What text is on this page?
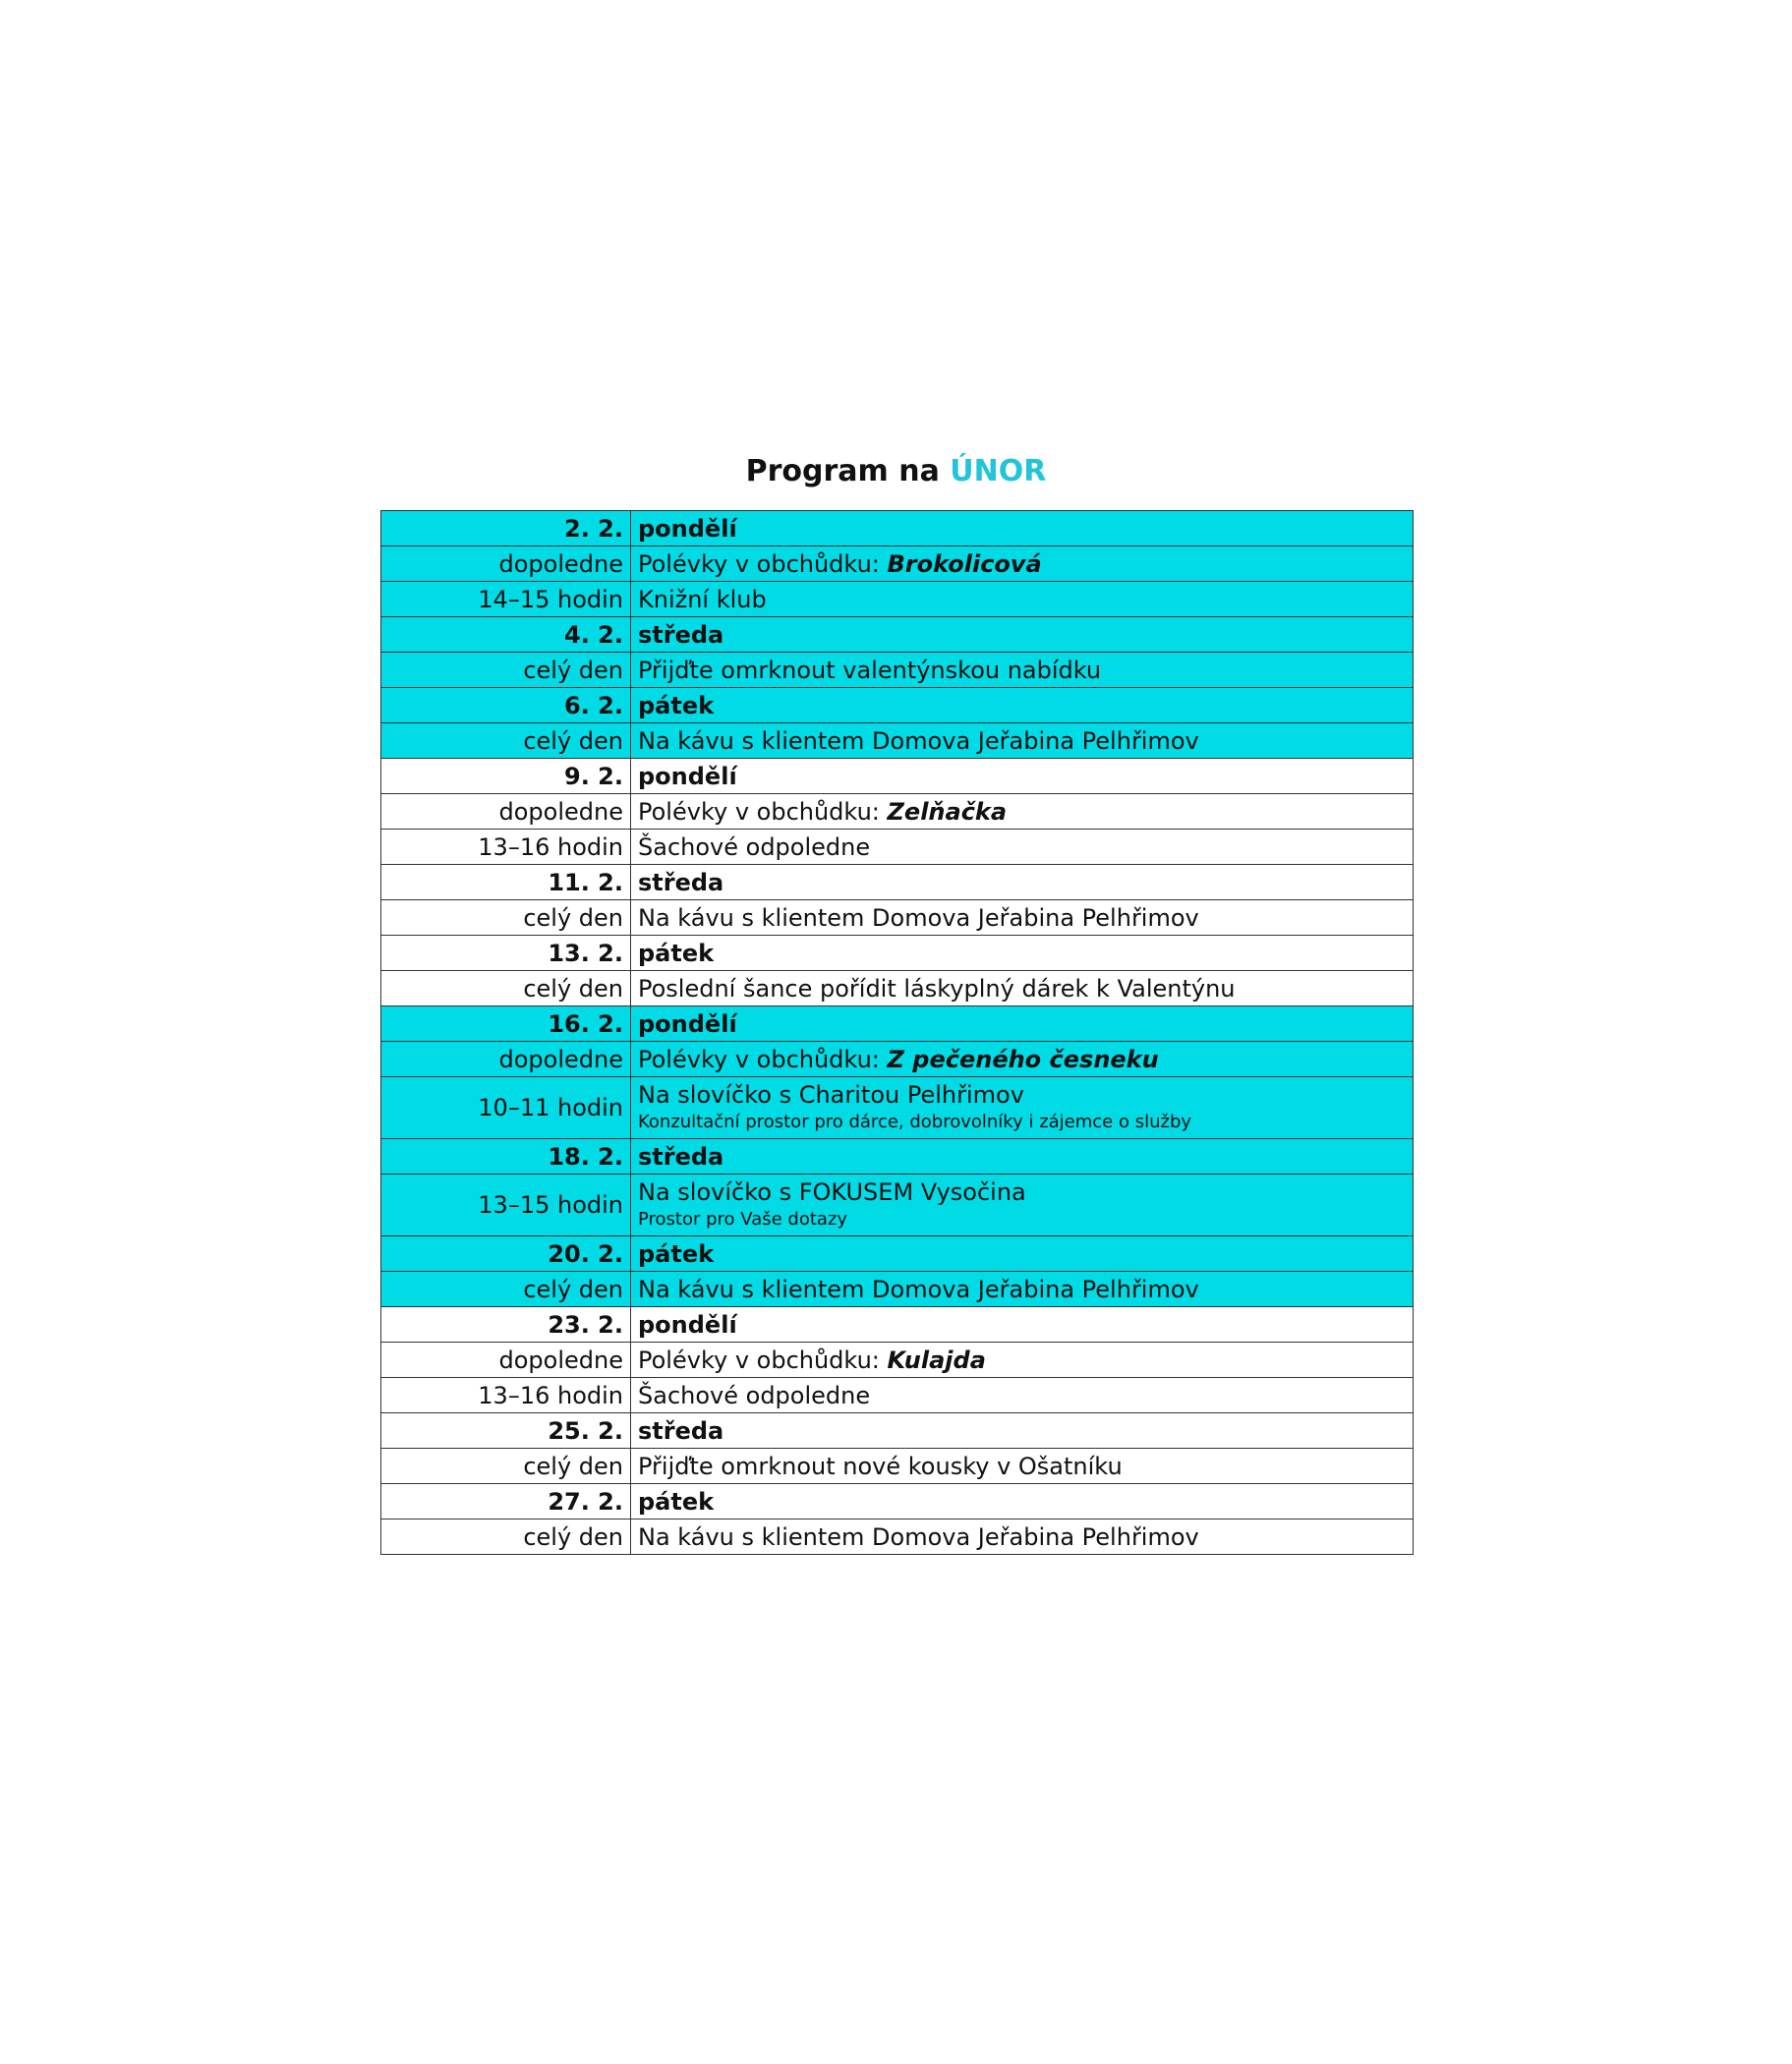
Program na ÚNOR
2. 2.	pondělí
dopoledne	Polévky v obchůdku: Brokolicová
14–15 hodin	Knižní klub
4. 2.	středa
celý den	Přijďte omrknout valentýnskou nabídku
6. 2.	pátek
celý den	Na kávu s klientem Domova Jeřabina Pelhřimov
9. 2.	pondělí
dopoledne	Polévky v obchůdku: Zelňačka
13–16 hodin	Šachové odpoledne
11. 2.	středa
celý den	Na kávu s klientem Domova Jeřabina Pelhřimov
13. 2.	pátek
celý den	Poslední šance pořídit láskyplný dárek k Valentýnu
16. 2.	pondělí
dopoledne	Polévky v obchůdku: Z pečeného česneku
10–11 hodin	Na slovíčko s Charitou Pelhřimov
Konzultační prostor pro dárce, dobrovolníky i zájemce o služby

18. 2.	středa
13–15 hodin	Na slovíčko s FOKUSEM Vysočina
Prostor pro Vaše dotazy

20. 2.	pátek
celý den	Na kávu s klientem Domova Jeřabina Pelhřimov
23. 2.	pondělí
dopoledne	Polévky v obchůdku: Kulajda
13–16 hodin	Šachové odpoledne
25. 2.	středa
celý den	Přijďte omrknout nové kousky v Ošatníku
27. 2.	pátek
celý den	Na kávu s klientem Domova Jeřabina Pelhřimov
